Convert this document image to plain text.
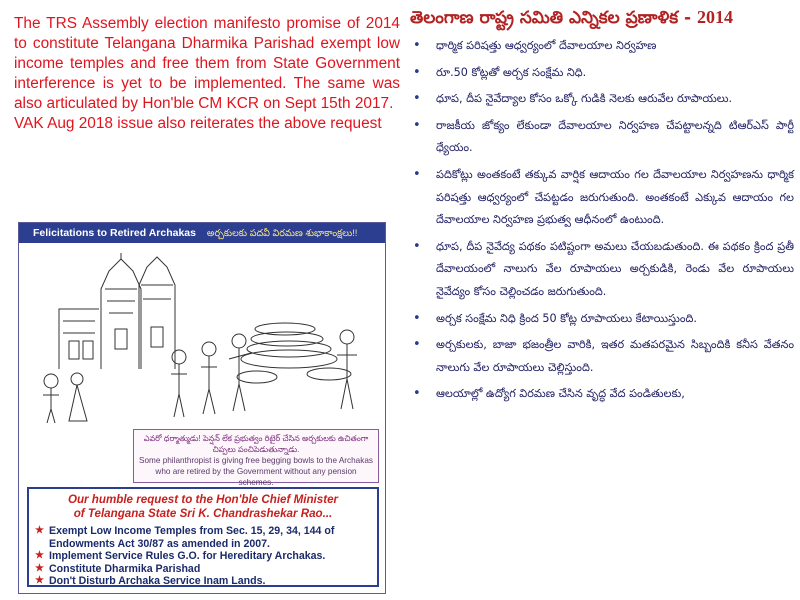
The TRS Assembly election manifesto promise of 2014 to constitute Telangana Dharmika Parishad exempt low income temples and free them from State Government interference is yet to be implemented. The same was also articulated by Hon'ble CM KCR on Sept 15th 2017.

VAK Aug 2018 issue also reiterates the above request

Felicitations to Retired Archakas అర్చకులకు పదవీ విరమణ శుభాకాంక్షలు!!
ఎవరో ధర్మాత్ముడు! పెన్షన్ లేక ప్రభుత్వం రిటైర్ చేసిన అర్చకులకు ఉచితంగా చిప్పలు పంచిపెడుతున్నాడు.
Some philanthropist is giving free begging bowls to the Archakas who are retired by the Government without any pension schemes.
Our humble request to the Hon'ble Chief Minister
of Telangana State Sri K. Chandrashekar Rao...
★ Exempt Low Income Temples from Sec. 15, 29, 34, 144 of Endowments Act 30/87 as amended in 2007.
★ Implement Service Rules G.O. for Hereditary Archakas.
★ Constitute Dharmika Parishad
★ Don't Disturb Archaka Service Inam Lands.
తెలంగాణ రాష్ట్ర సమితి ఎన్నికల ప్రణాళిక - 2014
• ధార్మిక పరిషత్తు ఆధ్వర్యంలో దేవాలయాల నిర్వహణ
• రూ.50 కోట్లతో అర్చక సంక్షేమ నిధి.
• ధూప, దీప నైవేద్యాల కోసం ఒక్కో గుడికి నెలకు ఆరువేల రూపాయలు.
• రాజకీయ జోక్యం లేకుండా దేవాలయాల నిర్వహణ చేపట్టాలన్నది టిఆర్ఎస్ పార్టీ ధ్యేయం.
• పదికోట్లు అంతకంటే తక్కువ వార్షిక ఆదాయం గల దేవాలయాల నిర్వహణను ధార్మిక పరిషత్తు ఆధ్వర్యంలో చేపట్టడం జరుగుతుంది. అంతకంటే ఎక్కువ ఆదాయం గల దేవాలయాల నిర్వహణ ప్రభుత్వ ఆధీనంలో ఉంటుంది.
• ధూప, దీప నైవేద్య పథకం పటిష్టంగా అమలు చేయబడుతుంది. ఈ పథకం క్రింద ప్రతీ దేవాలయంలో నాలుగు వేల రూపాయలు అర్చకుడికి, రెండు వేల రూపాయలు నైవేద్యం కోసం చెల్లించడం జరుగుతుంది.
• అర్చక సంక్షేమ నిధి క్రింద 50 కోట్ల రూపాయలు కేటాయిస్తుంది.
• అర్చకులకు, బాజా భజంత్రీల వారికి, ఇతర మతపరమైన సిబ్బందికి కనీస వేతనం నాలుగు వేల రూపాయలు చెల్లిస్తుంది.
• ఆలయాల్లో ఉద్యోగ విరమణ చేసిన వృద్ధ వేద పండితులకు,
